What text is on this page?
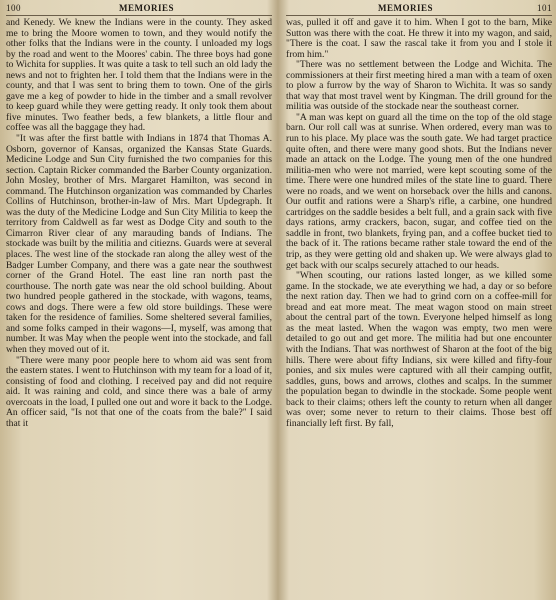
100	MEMORIES

and Kenedy. We knew the Indians were in the county. They asked me to bring the Moore women to town, and they would notify the other folks that the Indians were in the county. I unloaded my logs by the road and went to the Moores' cabin. The three boys had gone to Wichita for supplies. It was quite a task to tell such an old lady the news and not to frighten her. I told them that the Indians were in the county, and that I was sent to bring them to town. One of the girls gave me a keg of powder to hide in the timber and a small revolver to keep guard while they were getting ready. It only took them about five minutes. Two feather beds, a few blankets, a little flour and coffee was all the baggage they had.

"It was after the first battle with Indians in 1874 that Thomas A. Osborn, governor of Kansas, organized the Kansas State Guards. Medicine Lodge and Sun City furnished the two companies for this section. Captain Ricker commanded the Barber County organization. John Mosley, brother of Mrs. Margaret Hamilton, was second in command. The Hutchinson organization was commanded by Charles Collins of Hutchinson, brother-in-law of Mrs. Mart Updegraph. It was the duty of the Medicine Lodge and Sun City Militia to keep the territory from Caldwell as far west as Dodge City and south to the Cimarron River clear of any marauding bands of Indians. The stockade was built by the militia and citiezns. Guards were at several places. The west line of the stockade ran along the alley west of the Badger Lumber Company, and there was a gate near the southwest corner of the Grand Hotel. The east line ran north past the courthouse. The north gate was near the old school building. About two hundred people gathered in the stockade, with wagons, teams, cows and dogs. There were a few old store buildings. These were taken for the residence of families. Some sheltered several families, and some folks camped in their wagons—I, myself, was among that number. It was May when the people went into the stockade, and fall when they moved out of it.

"There were many poor people here to whom aid was sent from the eastern states. I went to Hutchinson with my team for a load of it, consisting of food and clothing. I received pay and did not require aid. It was raining and cold, and since there was a bale of army overcoats in the load, I pulled one out and wore it back to the Lodge. An officer said, "Is not that one of the coats from the bale?" I said that it

MEMORIES	101

was, pulled it off and gave it to him. When I got to the barn, Mike Sutton was there with the coat. He threw it into my wagon, and said, "There is the coat. I saw the rascal take it from you and I stole it from him."

"There was no settlement between the Lodge and Wichita. The commissioners at their first meeting hired a man with a team of oxen to plow a furrow by the way of Sharon to Wichita. It was so sandy that way that most travel went by Kingman. The drill ground for the militia was outside of the stockade near the southeast corner.

"A man was kept on guard all the time on the top of the old stage barn. Our roll call was at sunrise. When ordered, every man was to run to his place. My place was the south gate. We had target practice quite often, and there were many good shots. But the Indians never made an attack on the Lodge. The young men of the one hundred militia-men who were not married, were kept scouting some of the time. There were one hundred miles of the state line to guard. There were no roads, and we went on horseback over the hills and canons. Our outfit and rations were a Sharp's rifle, a carbine, one hundred cartridges on the saddle besides a belt full, and a grain sack with five days rations, army crackers, bacon, sugar, and coffee tied on the saddle in front, two blankets, frying pan, and a coffee bucket tied to the back of it. The rations became rather stale toward the end of the trip, as they were getting old and shaken up. We were always glad to get back with our scalps securely attached to our heads.

"When scouting, our rations lasted longer, as we killed some game. In the stockade, we ate everything we had, a day or so before the next ration day. Then we had to grind corn on a coffee-mill for bread and eat more meat. The meat wagon stood on main street about the central part of the town. Everyone helped himself as long as the meat lasted. When the wagon was empty, two men were detailed to go out and get more. The militia had but one encounter with the Indians. That was northwest of Sharon at the foot of the big hills. There were about fifty Indians, six were killed and fifty-four ponies, and six mules were captured with all their camping outfit, saddles, guns, bows and arrows, clothes and scalps. In the summer the population began to dwindle in the stockade. Some people went back to their claims; others left the county to return when all danger was over; some never to return to their claims. Those best off financially left first. By fall,
